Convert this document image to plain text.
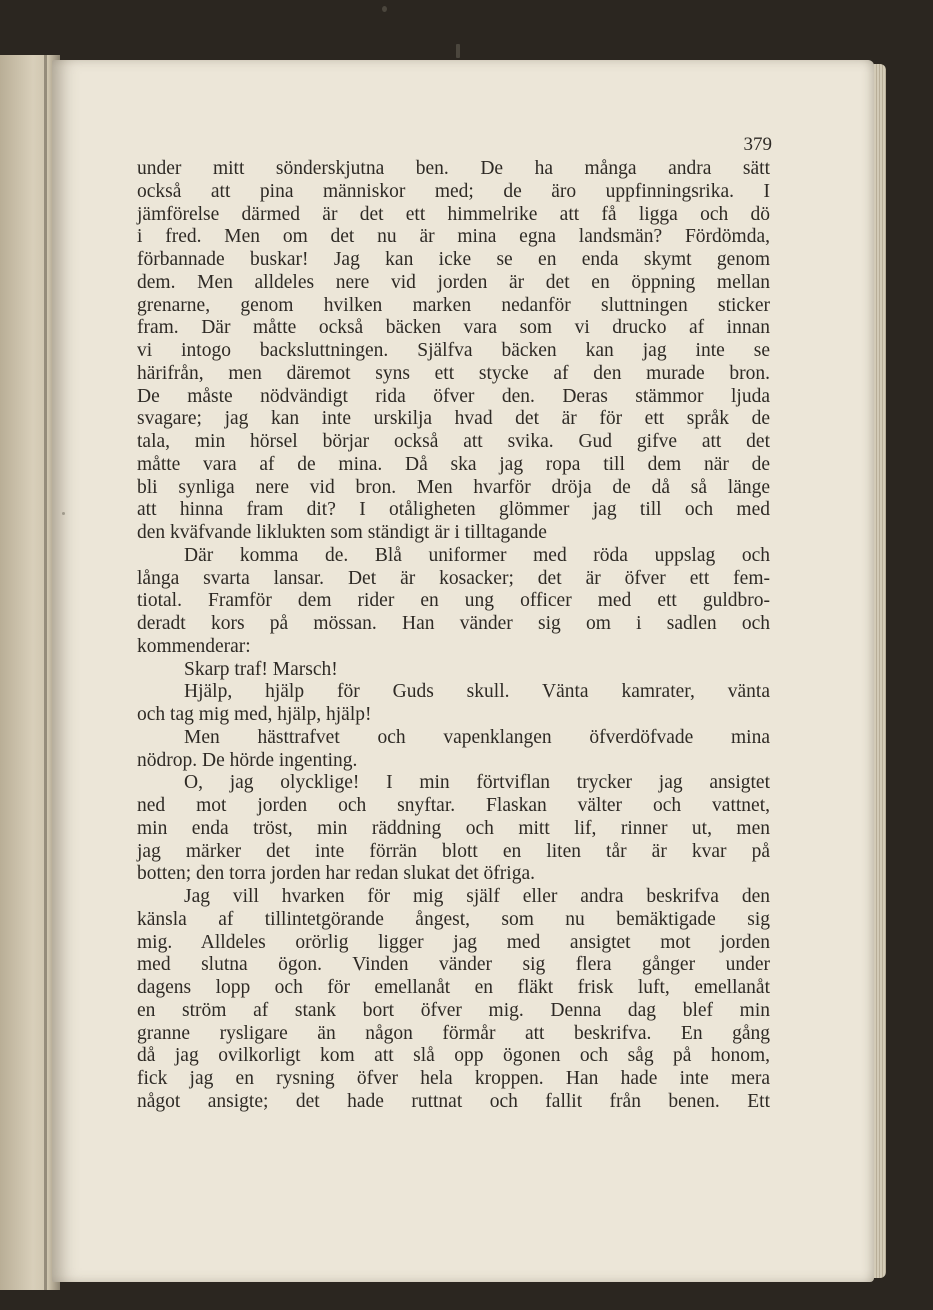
379
under mitt sönderskjutna ben. De ha många andra sätt
också att pina människor med; de äro uppfinningsrika. I
jämförelse därmed är det ett himmelrike att få ligga och dö
i fred. Men om det nu är mina egna landsmän? Fördömda,
förbannade buskar! Jag kan icke se en enda skymt genom
dem. Men alldeles nere vid jorden är det en öppning mellan
grenarne, genom hvilken marken nedanför sluttningen sticker
fram. Där måtte också bäcken vara som vi drucko af innan
vi intogo backsluttningen. Själfva bäcken kan jag inte se
härifrån, men däremot syns ett stycke af den murade bron.
De måste nödvändigt rida öfver den. Deras stämmor ljuda
svagare; jag kan inte urskilja hvad det är för ett språk de
tala, min hörsel börjar också att svika. Gud gifve att det
måtte vara af de mina. Då ska jag ropa till dem när de
bli synliga nere vid bron. Men hvarför dröja de då så länge
att hinna fram dit? I otåligheten glömmer jag till och med
den kväfvande liklukten som ständigt är i tilltagande
Där komma de. Blå uniformer med röda uppslag och
långa svarta lansar. Det är kosacker; det är öfver ett fem-
tiotal. Framför dem rider en ung officer med ett guldbro-
deradt kors på mössan. Han vänder sig om i sadlen och
kommenderar:
Skarp traf! Marsch!
Hjälp, hjälp för Guds skull. Vänta kamrater, vänta
och tag mig med, hjälp, hjälp!
Men hästtrafvet och vapenklangen öfverdöfvade mina
nödrop. De hörde ingenting.
O, jag olycklige! I min förtviflan trycker jag ansigtet
ned mot jorden och snyftar. Flaskan välter och vattnet,
min enda tröst, min räddning och mitt lif, rinner ut, men
jag märker det inte förrän blott en liten tår är kvar på
botten; den torra jorden har redan slukat det öfriga.
Jag vill hvarken för mig själf eller andra beskrifva den
känsla af tillintetgörande ångest, som nu bemäktigade sig
mig. Alldeles orörlig ligger jag med ansigtet mot jorden
med slutna ögon. Vinden vänder sig flera gånger under
dagens lopp och för emellanåt en fläkt frisk luft, emellanåt
en ström af stank bort öfver mig. Denna dag blef min
granne rysligare än någon förmår att beskrifva. En gång
då jag ovilkorligt kom att slå opp ögonen och såg på honom,
fick jag en rysning öfver hela kroppen. Han hade inte mera
något ansigte; det hade ruttnat och fallit från benen. Ett
